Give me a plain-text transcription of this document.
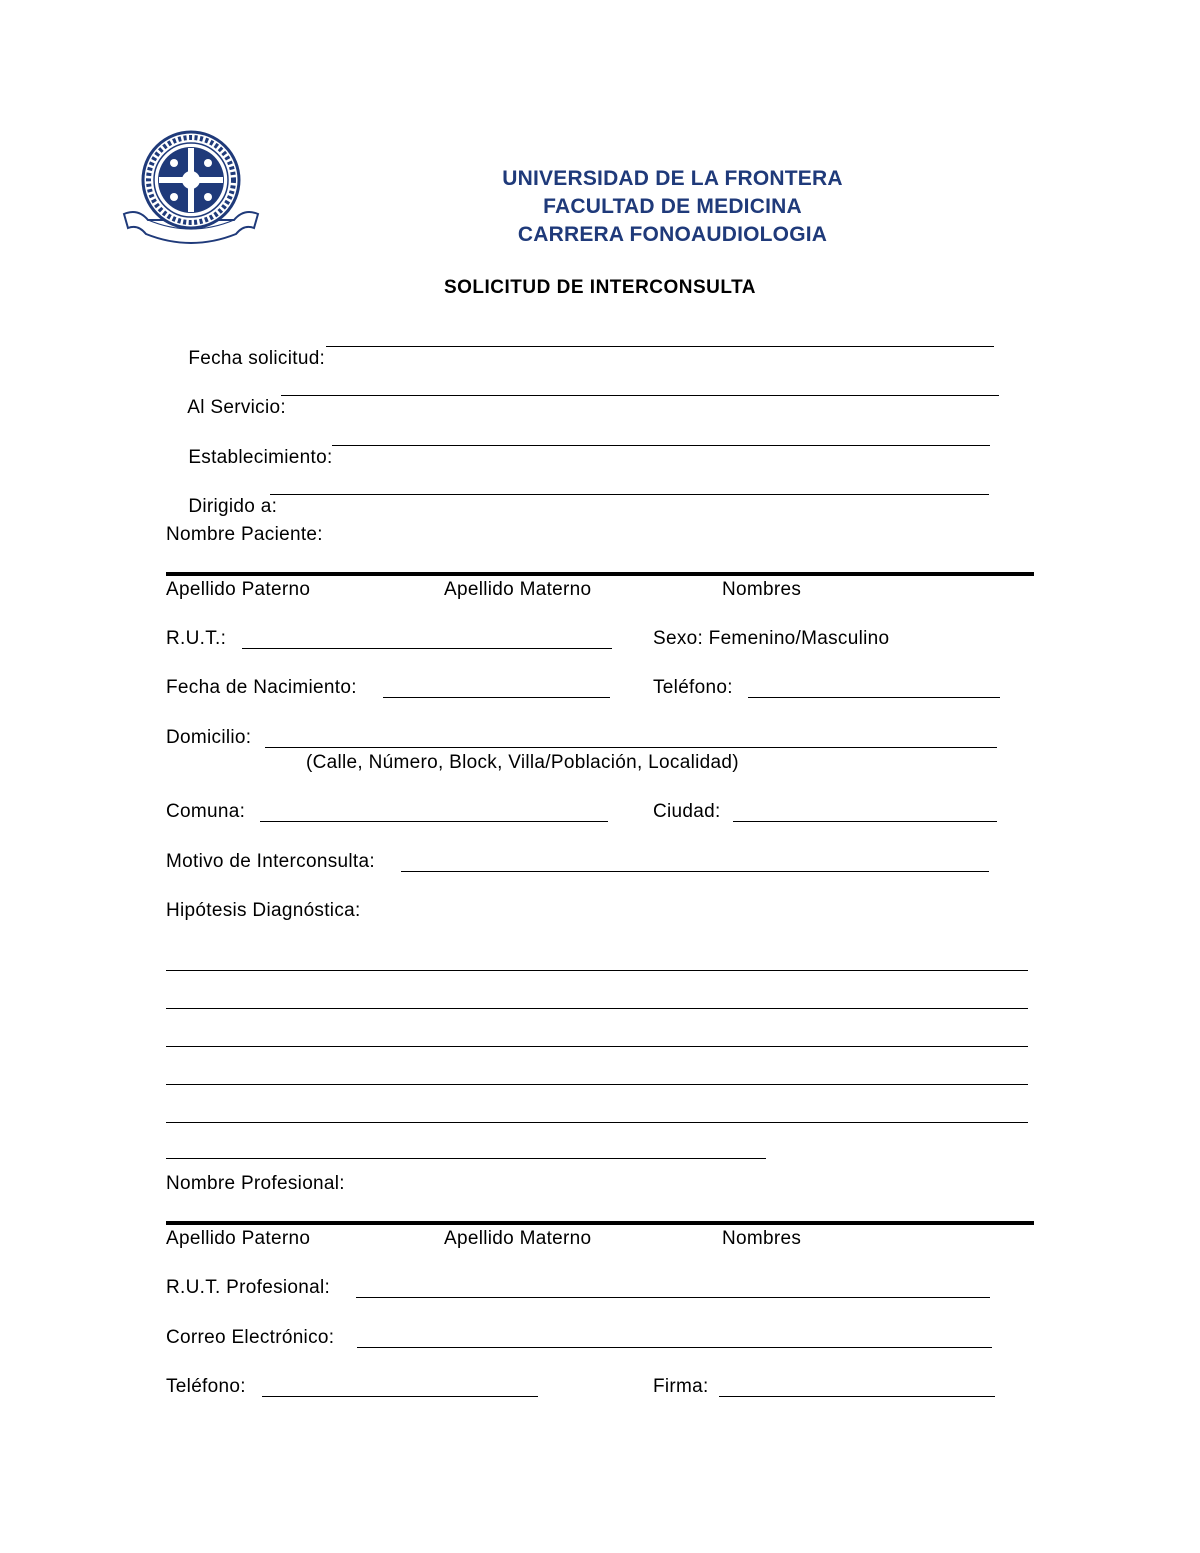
UNIVERSIDAD DE LA FRONTERA
FACULTAD DE MEDICINA
CARRERA FONOAUDIOLOGIA
SOLICITUD DE INTERCONSULTA

Fecha solicitud:

Al Servicio:

Establecimiento:

Dirigido a:

Nombre Paciente:
Apellido Paterno	Apellido Materno	Nombres
R.U.T.:	Sexo: Femenino/Masculino
Fecha de Nacimiento:	Teléfono:
Domicilio:
(Calle, Número, Block, Villa/Población, Localidad)
Comuna:	Ciudad:
Motivo de Interconsulta:
Hipótesis Diagnóstica:
Nombre Profesional:
Apellido Paterno	Apellido Materno	Nombres
R.U.T. Profesional:
Correo Electrónico:
Teléfono:	Firma:
